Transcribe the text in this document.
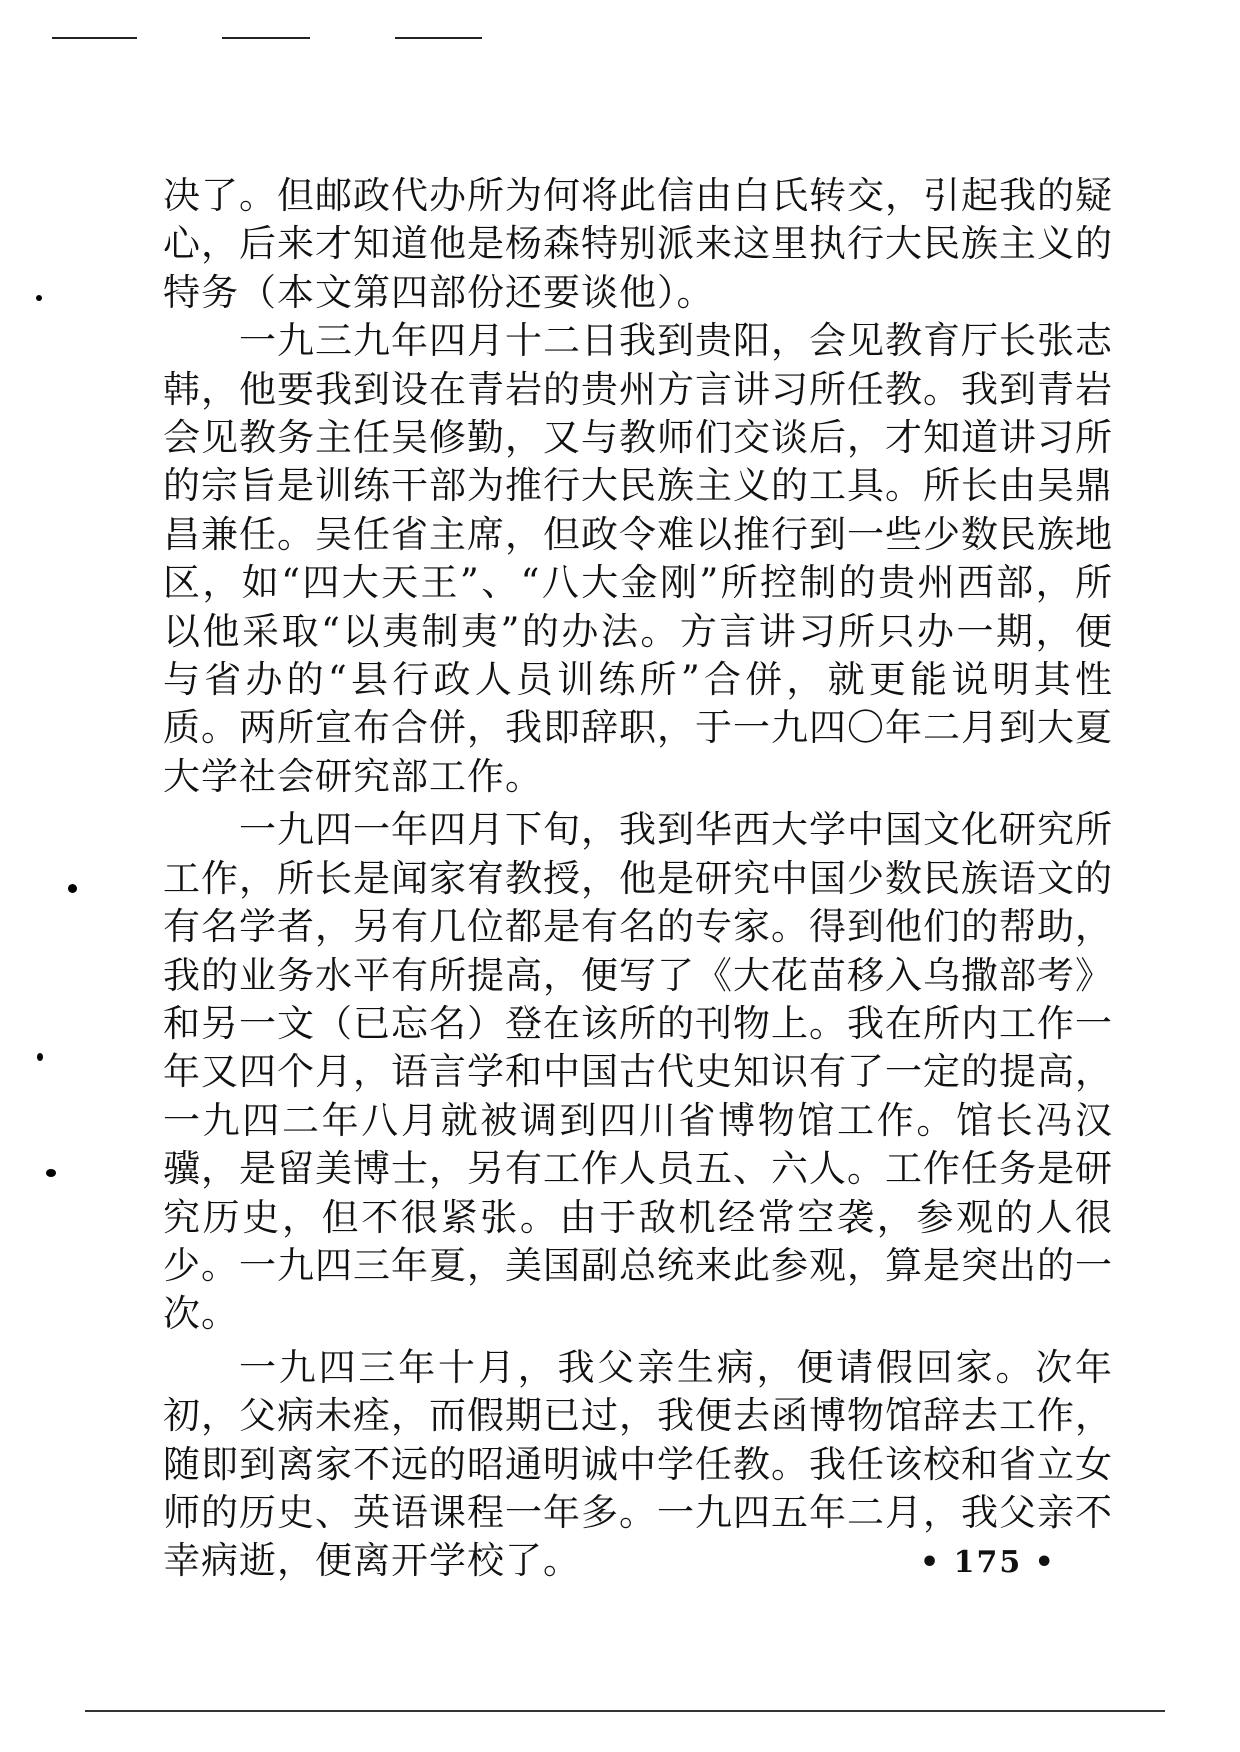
决了。但邮政代办所为何将此信由白氏转交，引起我的疑心，后来才知道他是杨森特别派来这里执行大民族主义的特务（本文第四部份还要谈他）。

一九三九年四月十二日我到贵阳，会见教育厅长张志韩，他要我到设在青岩的贵州方言讲习所任教。我到青岩会见教务主任吴修勤，又与教师们交谈后，才知道讲习所的宗旨是训练干部为推行大民族主义的工具。所长由吴鼎昌兼任。吴任省主席，但政令难以推行到一些少数民族地区，如“四大天王”、“八大金刚”所控制的贵州西部，所以他采取“以夷制夷”的办法。方言讲习所只办一期，便与省办的“县行政人员训练所”合併，就更能说明其性质。两所宣布合併，我即辞职，于一九四〇年二月到大夏大学社会研究部工作。

一九四一年四月下旬，我到华西大学中国文化研究所工作，所长是闻家宥教授，他是研究中国少数民族语文的有名学者，另有几位都是有名的专家。得到他们的帮助，我的业务水平有所提高，便写了《大花苗移入乌撒部考》和另一文（已忘名）登在该所的刊物上。我在所内工作一年又四个月，语言学和中国古代史知识有了一定的提高，一九四二年八月就被调到四川省博物馆工作。馆长冯汉骥，是留美博士，另有工作人员五、六人。工作任务是研究历史，但不很紧张。由于敌机经常空袭，参观的人很少。一九四三年夏，美国副总统来此参观，算是突出的一次。

一九四三年十月，我父亲生病，便请假回家。次年初，父病未痊，而假期已过，我便去函博物馆辞去工作，随即到离家不远的昭通明诚中学任教。我任该校和省立女师的历史、英语课程一年多。一九四五年二月，我父亲不幸病逝，便离开学校了。	• 175 •
